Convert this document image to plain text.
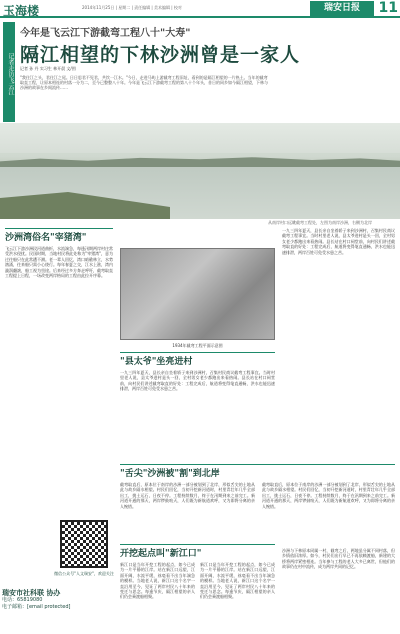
玉海楼	2014年11月25日 | 星期二 | 责任编辑 | 美术编辑 | 校对	瑞安日报	11
记者走访飞云江
今年是飞云江下游截弯工程八十"大寿"
隔江相望的下林沙洲曾是一家人
记者 孙 丹 实习生 林开晨 文/图
"我住江之头，君住江之尾。日日思君不见君，共饮一江水。"今日，走进马屿上游截弯工程旧址，看到的是隔江相望的一片热土。当年的截弯取直工程，让原本相连的村落一分为二，至今已整整八十年。今年是飞云江下游截弯工程的第八十个年头，昔日的同乡如今隔江相望，下林与沙洲的故事在乡间流传……
从南岸村口远眺截弯工程处，左图为南岸沙洲，右侧为北岸
沙洲湾俗名"宰猪湾"
1934年截弯工程平面示意图
飞云江下游沙洲段河道曲折，水流湍急，每逢汛期两岸村庄常受洪水侵扰。民国时期，当地村民将此处称为"宰猪湾"，意为过往船只在此常遭不测。老一辈人回忆，湾口暗礁林立，水势汹涌，往来船只需小心绕行。每年春夏之交，江水上涨，湾内漩涡翻滚，船工视为畏途。后来经过多方奔走呼吁，截弯取直工程提上日程，一场改变两岸格局的工程由此拉开序幕。
"县太爷"坐亮进村
一九三四年夏天，县长亲自坐着轿子来到沙洲村，召集村民商议截弯工程事宜。当时村里老人说，县太爷进村是头一回，全村男女老少都跑出来看热闹。县长站在村口祠堂前，向村民们讲述截弯取直的好处：工程完成后，航道将变得笔直通畅，洪水也能迅速排泄，两岸百姓可免受水患之苦。
一九三四年夏天，县长亲自坐着轿子来到沙洲村，召集村民商议截弯工程事宜。当时村里老人说，县太爷进村是头一回，全村男女老少都跑出来看热闹。县长站在村口祠堂前，向村民们讲述截弯取直的好处：工程完成后，航道将变得笔直通畅，洪水也能迅速排泄，两岸百姓可免受水患之苦。
"舌尖"沙洲被"割"到北岸
截弯取直后，原本位于南岸的沙洲一部分被划到了北岸，形似舌尖的土地从此与故乡隔水相望。村民们回忆，当初开挖新河道时，村里青壮年几乎全部出工，挑土运石，日夜不停。工程持续数月，终于在汛期到来之前完工。新河道开通的那天，两岸锣鼓喧天，人们既为新航道欢呼，又为即将分离的亲人惋惜。
截弯取直后，原本位于南岸的沙洲一部分被划到了北岸，形似舌尖的土地从此与故乡隔水相望。村民们回忆，当初开挖新河道时，村里青壮年几乎全部出工，挑土运石，日夜不停。工程持续数月，终于在汛期到来之前完工。新河道开通的那天，两岸锣鼓喧天，人们既为新航道欢呼，又为即将分离的亲人惋惜。
开挖起点叫"新江口"
新江口是当年开挖工程的起点，如今已成为一片平静的江岸。站在新江口远望，江面开阔，水流平缓，丝毫看不出当年湍急的模样。当地老人说，新江口这个名字一直沿用至今，见证了两岸村民八十年来的变迁与思念。每逢节庆，隔江相望的亲人们仍会乘渡船相聚。
新江口是当年开挖工程的起点，如今已成为一片平静的江岸。站在新江口远望，江面开阔，水流平缓，丝毫看不出当年湍急的模样。当地老人说，新江口这个名字一直沿用至今，见证了两岸村民八十年来的变迁与思念。每逢节庆，隔江相望的亲人们仍会乘渡船相聚。
沙洲与下林原本同属一村，截弯之后，两地虽分属不同村落，但乡情依旧浓厚。如今，村民们出行早已不再依赖渡船，新建的大桥将两岸紧密相连。当年参与工程的老人大多已离世，但他们的故事仍在村中流传，成为两岸共同的记忆。
微信公众号"人文瑞安"，欢迎关注
瑞安市社科联 协办
电话：65819080
电子邮箱：[email protected]
